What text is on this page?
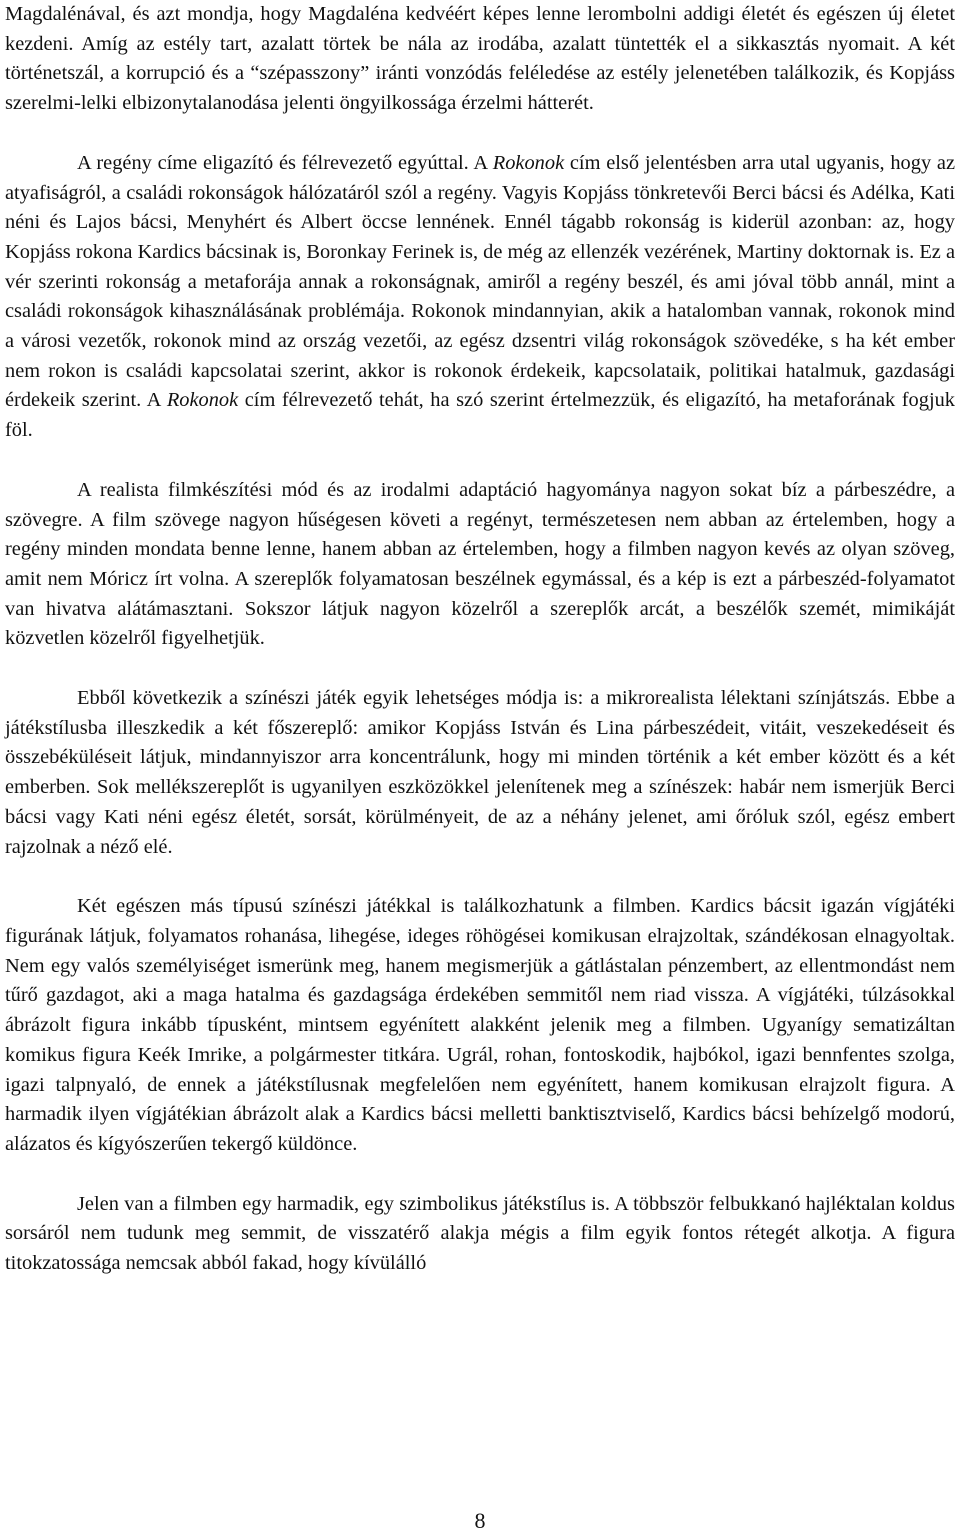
Magdalénával, és azt mondja, hogy Magdaléna kedvéért képes lenne lerombolni addigi életét és egészen új életet kezdeni. Amíg az estély tart, azalatt törtek be nála az irodába, azalatt tüntették el a sikkasztás nyomait. A két történetszál, a korrupció és a “szépasszony” iránti vonzódás feléledése az estély jelenetében találkozik, és Kopjáss szerelmi-lelki elbizonytalanodása jelenti öngyilkossága érzelmi hátterét.

A regény címe eligazító és félrevezető egyúttal. A Rokonok cím első jelentésben arra utal ugyanis, hogy az atyafiságról, a családi rokonságok hálózatáról szól a regény. Vagyis Kopjáss tönkretevői Berci bácsi és Adélka, Kati néni és Lajos bácsi, Menyhért és Albert öccse lennének. Ennél tágabb rokonság is kiderül azonban: az, hogy Kopjáss rokona Kardics bácsinak is, Boronkay Ferinek is, de még az ellenzék vezérének, Martiny doktornak is. Ez a vér szerinti rokonság a metaforája annak a rokonságnak, amiről a regény beszél, és ami jóval több annál, mint a családi rokonságok kihasználásának problémája. Rokonok mindannyian, akik a hatalomban vannak, rokonok mind a városi vezetők, rokonok mind az ország vezetői, az egész dzsentri világ rokonságok szövedéke, s ha két ember nem rokon is családi kapcsolatai szerint, akkor is rokonok érdekeik, kapcsolataik, politikai hatalmuk, gazdasági érdekeik szerint. A Rokonok cím félrevezető tehát, ha szó szerint értelmezzük, és eligazító, ha metaforának fogjuk föl.

A realista filmkészítési mód és az irodalmi adaptáció hagyománya nagyon sokat bíz a párbeszédre, a szövegre. A film szövege nagyon hűségesen követi a regényt, természetesen nem abban az értelemben, hogy a regény minden mondata benne lenne, hanem abban az értelemben, hogy a filmben nagyon kevés az olyan szöveg, amit nem Móricz írt volna. A szereplők folyamatosan beszélnek egymással, és a kép is ezt a párbeszéd-folyamatot van hivatva alátámasztani. Sokszor látjuk nagyon közelről a szereplők arcát, a beszélők szemét, mimikáját közvetlen közelről figyelhetjük.

Ebből következik a színészi játék egyik lehetséges módja is: a mikrorealista lélektani színjátszás. Ebbe a játékstílusba illeszkedik a két főszereplő: amikor Kopjáss István és Lina párbeszédeit, vitáit, veszekedéseit és összebéküléseit látjuk, mindannyiszor arra koncentrálunk, hogy mi minden történik a két ember között és a két emberben. Sok mellékszereplőt is ugyanilyen eszközökkel jelenítenek meg a színészek: habár nem ismerjük Berci bácsi vagy Kati néni egész életét, sorsát, körülményeit, de az a néhány jelenet, ami őróluk szól, egész embert rajzolnak a néző elé.

Két egészen más típusú színészi játékkal is találkozhatunk a filmben. Kardics bácsit igazán vígjátéki figurának látjuk, folyamatos rohanása, lihegése, ideges röhögései komikusan elrajzoltak, szándékosan elnagyoltak. Nem egy valós személyiséget ismerünk meg, hanem megismerjük a gátlástalan pénzembert, az ellentmondást nem tűrő gazdagot, aki a maga hatalma és gazdagsága érdekében semmitől nem riad vissza. A vígjátéki, túlzásokkal ábrázolt figura inkább típusként, mintsem egyénített alakként jelenik meg a filmben. Ugyanígy sematizáltan komikus figura Keék Imrike, a polgármester titkára. Ugrál, rohan, fontoskodik, hajbókol, igazi bennfentes szolga, igazi talpnyaló, de ennek a játékstílusnak megfelelően nem egyénített, hanem komikusan elrajzolt figura. A harmadik ilyen vígjátékian ábrázolt alak a Kardics bácsi melletti banktisztviselő, Kardics bácsi behízelgő modorú, alázatos és kígyószerűen tekergő küldönce.

Jelen van a filmben egy harmadik, egy szimbolikus játékstílus is. A többször felbukkanó hajléktalan koldus sorsáról nem tudunk meg semmit, de visszatérő alakja mégis a film egyik fontos rétegét alkotja. A figura titokzatossága nemcsak abból fakad, hogy kívülálló

8
